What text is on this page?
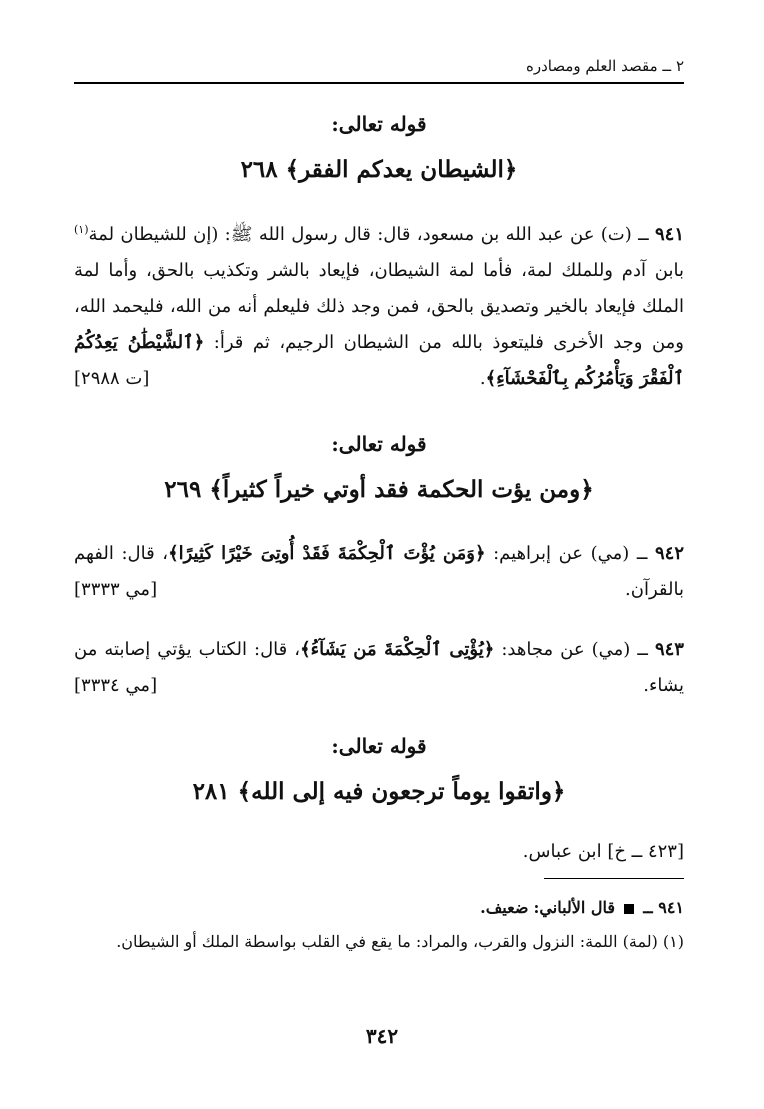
٢ ــ مقصد العلم ومصادره
قوله تعالى:
﴿الشيطان يعدكم الفقر﴾ ٢٦٨
٩٤١ ــ (ت) عن عبد الله بن مسعود، قال: قال رسول الله ﷺ: (إن للشيطان لمة$^{(١)}$ بابن آدم وللملك لمة، فأما لمة الشيطان، فإيعاد بالشر وتكذيب بالحق، وأما لمة الملك فإيعاد بالخير وتصديق بالحق، فمن وجد ذلك فليعلم أنه من الله، فليحمد الله، ومن وجد الأخرى فليتعوذ بالله من الشيطان الرجيم، ثم قرأ: ﴿ٱلشَّيْطَٰنُ يَعِدُكُمُ ٱلْفَقْرَ وَيَأْمُرُكُم بِٱلْفَحْشَآءِ﴾.
[ت ٢٩٨٨]
قوله تعالى:
﴿ومن يؤت الحكمة فقد أوتي خيراً كثيراً﴾ ٢٦٩
٩٤٢ ــ (مي) عن إبراهيم: ﴿وَمَن يُؤْتَ ٱلْحِكْمَةَ فَقَدْ أُوتِىَ خَيْرًا كَثِيرًا﴾، قال: الفهم بالقرآن.
[مي ٣٣٣٣]
٩٤٣ ــ (مي) عن مجاهد: ﴿يُؤْتِى ٱلْحِكْمَةَ مَن يَشَآءُ﴾، قال: الكتاب يؤتي إصابته من يشاء.
[مي ٣٣٣٤]
قوله تعالى:
﴿واتقوا يوماً ترجعون فيه إلى الله﴾ ٢٨١
[٤٢٣ ــ خ] ابن عباس.
٩٤١ ــ  قال الألباني: ضعيف.
(١) (لمة) اللمة: النزول والقرب، والمراد: ما يقع في القلب بواسطة الملك أو الشيطان.
٣٤٢
